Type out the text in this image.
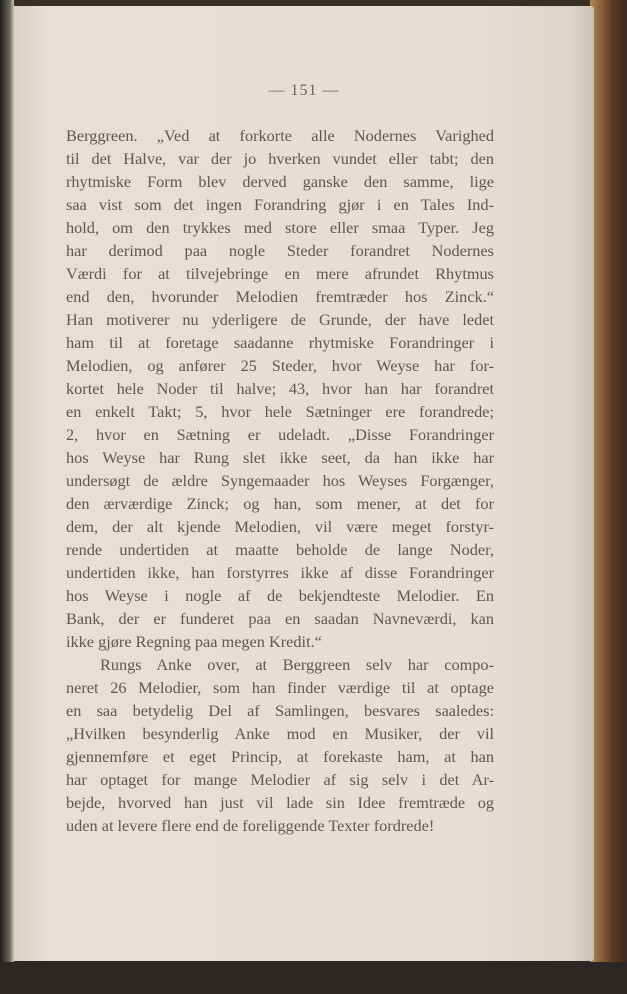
— 151 —
Berggreen. „Ved at forkorte alle Nodernes Varighed
til det Halve, var der jo hverken vundet eller tabt; den
rhytmiske Form blev derved ganske den samme, lige
saa vist som det ingen Forandring gjør i en Tales Ind-
hold, om den trykkes med store eller smaa Typer. Jeg
har derimod paa nogle Steder forandret Nodernes
Værdi for at tilvejebringe en mere afrundet Rhytmus
end den, hvorunder Melodien fremtræder hos Zinck.“
Han motiverer nu yderligere de Grunde, der have ledet
ham til at foretage saadanne rhytmiske Forandringer i
Melodien, og anfører 25 Steder, hvor Weyse har for-
kortet hele Noder til halve; 43, hvor han har forandret
en enkelt Takt; 5, hvor hele Sætninger ere forandrede;
2, hvor en Sætning er udeladt. „Disse Forandringer
hos Weyse har Rung slet ikke seet, da han ikke har
undersøgt de ældre Syngemaader hos Weyses Forgænger,
den ærværdige Zinck; og han, som mener, at det for
dem, der alt kjende Melodien, vil være meget forstyr-
rende undertiden at maatte beholde de lange Noder,
undertiden ikke, han forstyrres ikke af disse Forandringer
hos Weyse i nogle af de bekjendteste Melodier. En
Bank, der er funderet paa en saadan Navneværdi, kan
ikke gjøre Regning paa megen Kredit.“
Rungs Anke over, at Berggreen selv har compo-
neret 26 Melodier, som han finder værdige til at optage
en saa betydelig Del af Samlingen, besvares saaledes:
„Hvilken besynderlig Anke mod en Musiker, der vil
gjennemføre et eget Princip, at forekaste ham, at han
har optaget for mange Melodier af sig selv i det Ar-
bejde, hvorved han just vil lade sin Idee fremtræde og
uden at levere flere end de foreliggende Texter fordrede!
